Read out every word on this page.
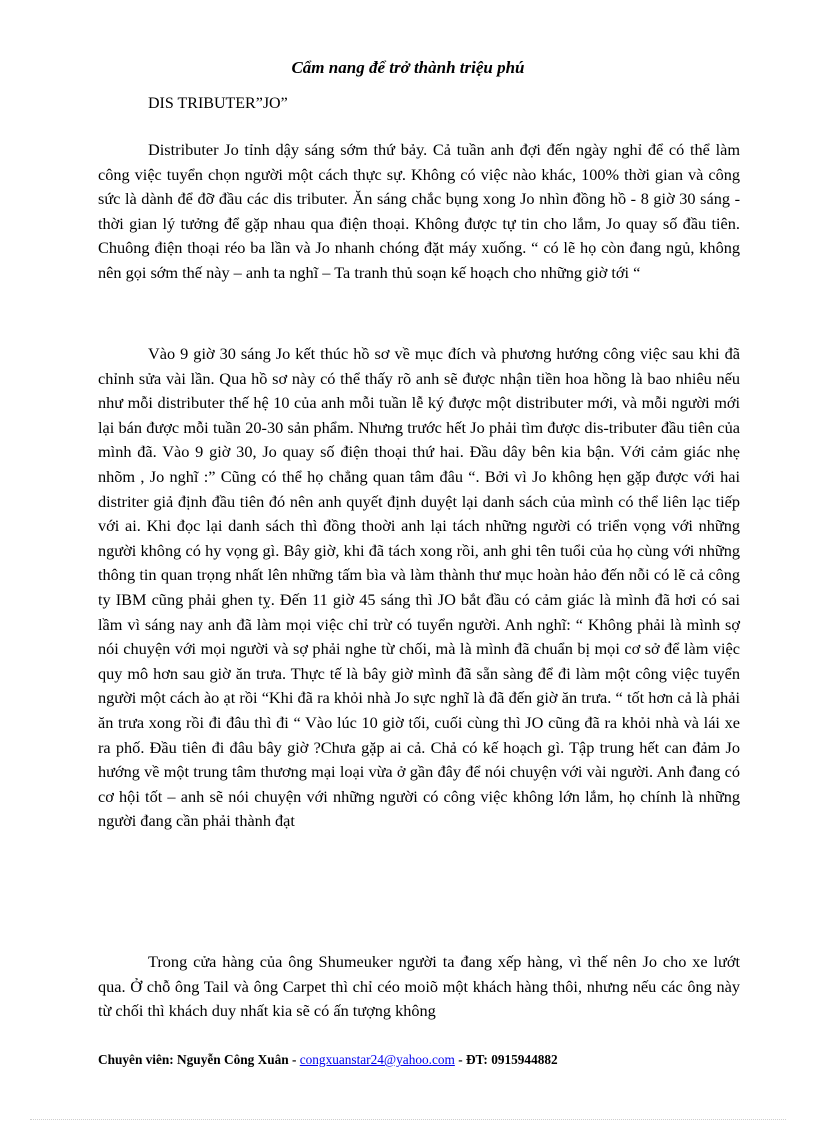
Cẩm nang để trở thành triệu phú
DIS TRIBUTER”JO”

Distributer Jo tỉnh dậy sáng sớm thứ bảy. Cả tuần anh đợi đến ngày nghỉ để có thể làm công việc tuyển chọn người một cách thực sự. Không có việc nào khác, 100% thời gian và công sức là dành để đỡ đầu các dis tributer. Ăn sáng chắc bụng xong Jo nhìn đồng hồ - 8 giờ 30 sáng - thời gian lý tưởng để gặp nhau qua điện thoại. Không được tự tin cho lắm, Jo quay số đầu tiên. Chuông điện thoại réo ba lần và Jo nhanh chóng đặt máy xuống. “ có lẽ họ còn đang ngủ, không nên gọi sớm thế này – anh ta nghĩ – Ta tranh thủ soạn kế hoạch cho những giờ tới “

Vào 9 giờ 30 sáng Jo kết thúc hồ sơ về mục đích và phương hướng công việc sau khi đã chỉnh sửa vài lần. Qua hồ sơ này có thể thấy rõ anh sẽ được nhận tiền hoa hồng là bao nhiêu nếu như mỗi distributer thế hệ 10 của anh mỗi tuần lễ ký được một distributer mới, và mỗi người mới lại bán được mỗi tuần 20-30 sản phẩm. Nhưng trước hết Jo phải tìm được dis-tributer đầu tiên của mình đã. Vào 9 giờ 30, Jo quay số điện thoại thứ hai. Đầu dây bên kia bận. Với cảm giác nhẹ nhõm , Jo nghĩ :” Cũng có thể họ chẳng quan tâm đâu “. Bởi vì Jo không hẹn gặp được với hai distriter giả định đầu tiên đó nên anh quyết định duyệt lại danh sách của mình có thể liên lạc tiếp với ai. Khi đọc lại danh sách thì đồng thoời anh lại tách những người có triển vọng với những người không có hy vọng gì. Bây giờ, khi đã tách xong rồi, anh ghi tên tuổi của họ cùng với những thông tin quan trọng nhất lên những tấm bìa và làm thành thư mục hoàn hảo đến nỗi có lẽ cả công ty IBM cũng phải ghen tỵ. Đến 11 giờ 45 sáng thì JO bắt đầu có cảm giác là mình đã hơi có sai lầm vì sáng nay anh đã làm mọi việc chỉ trừ có tuyển người. Anh nghĩ: “ Không phải là mình sợ nói chuyện với mọi người và sợ phải nghe từ chối, mà là mình đã chuẩn bị mọi cơ sở để làm việc quy mô hơn sau giờ ăn trưa. Thực tế là bây giờ mình đã sẵn sàng để đi làm một công việc tuyển người một cách ào ạt rồi “Khi đã ra khỏi nhà Jo sực nghĩ là đã đến giờ ăn trưa. “ tốt hơn cả là phải ăn trưa xong rồi đi đâu thì đi “ Vào lúc 10 giờ tối, cuối cùng thì JO cũng đã ra khỏi nhà và lái xe ra phố. Đầu tiên đi đâu bây giờ ?Chưa gặp ai cả. Chả có kế hoạch gì. Tập trung hết can đảm Jo hướng về một trung tâm thương mại loại vừa ở gần đây để nói chuyện với vài người. Anh đang có cơ hội tốt – anh sẽ nói chuyện với những người có công việc không lớn lắm, họ chính là những người đang cần phải thành đạt

Trong cửa hàng của ông Shumeuker người ta đang xếp hàng, vì thế nên Jo cho xe lướt qua. Ở chỗ ông Tail và ông Carpet thì chỉ céo moiõ một khách hàng thôi, nhưng nếu các ông này từ chối thì khách duy nhất kia sẽ có ấn tượng không

Chuyên viên: Nguyễn Công Xuân - congxuanstar24@yahoo.com - ĐT: 0915944882
